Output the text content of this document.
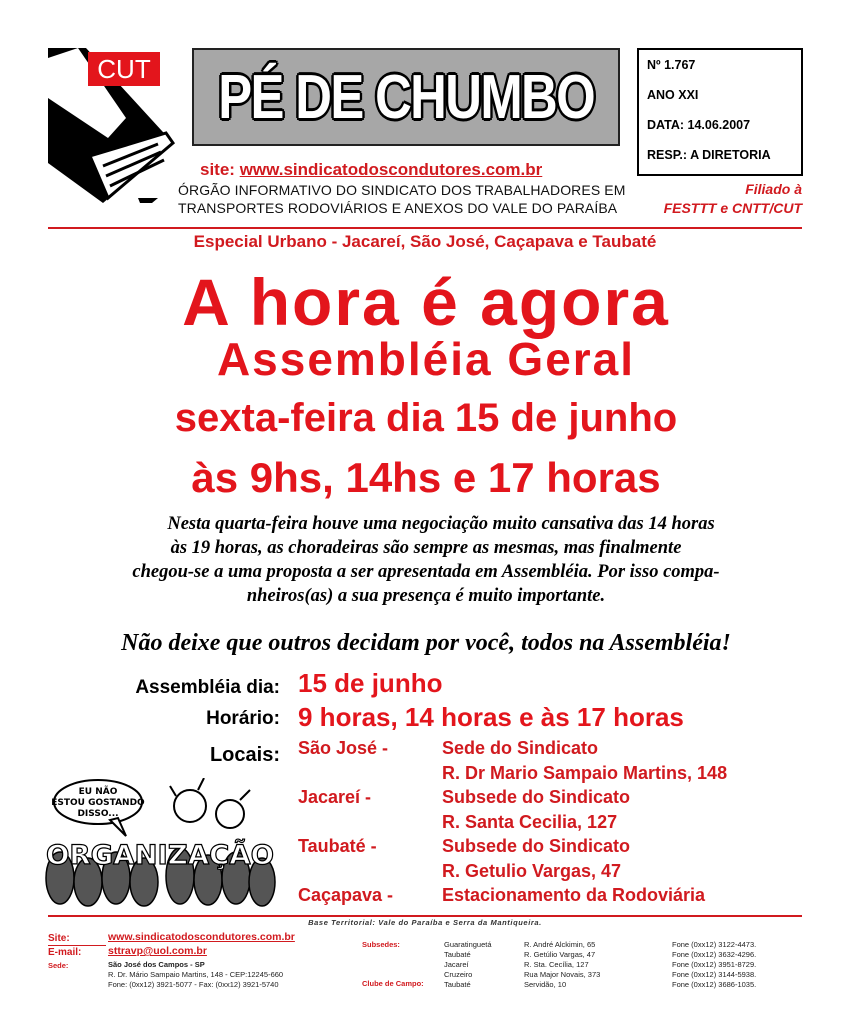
CUT PÉ DE CHUMBO	Nº 1.767
ANO XXI
DATA: 14.06.2007
RESP.: A DIRETORIA
site: www.sindicatodoscondutores.com.br
ÓRGÃO INFORMATIVO DO SINDICATO DOS TRABALHADORES EM
TRANSPORTES RODOVIÁRIOS E ANEXOS DO VALE DO PARAÍBA
Filiado à
FESTTT e CNTT/CUT
Especial Urbano - Jacareí, São José, Caçapava e Taubaté
A hora é agora
Assembléia Geral
sexta-feira dia 15 de junho
às 9hs, 14hs e 17 horas
Nesta quarta-feira houve uma negociação muito cansativa das 14 horas
às 19 horas, as choradeiras são sempre as mesmas, mas finalmente
chegou-se a uma proposta a ser apresentada em Assembléia. Por isso compa-
nheiros(as) a sua presença é muito importante.
Não deixe que outros decidam por você, todos na Assembléia!
Assembléia dia: 15 de junho
Horário: 9 horas, 14 horas e às 17 horas
Locais: São José -	Sede do Sindicato
R. Dr Mario Sampaio Martins, 148
Jacareí -	Subsede do Sindicato
R. Santa Cecilia, 127
Taubaté -	Subsede do Sindicato
R. Getulio Vargas, 47
Caçapava -	Estacionamento da Rodoviária
EU NÃO
ESTOU GOSTANDO
DISSO...
ORGANIZAÇÃO
Base Territorial: Vale do Paraíba e Serra da Mantiqueira.
Site:	www.sindicatodoscondutores.com.br
E-mail:	sttravp@uol.com.br
Sede:	São José dos Campos - SP
R. Dr. Mário Sampaio Martins, 148 - CEP:12245-660
Fone: (0xx12) 3921-5077 - Fax: (0xx12) 3921-5740
Subsedes:
Clube de Campo:
Guaratinguetá	R. André Alckimin, 65	Fone (0xx12) 3122-4473.
Taubaté	R. Getúlio Vargas, 47	Fone (0xx12) 3632-4296.
Jacareí	R. Sta. Cecília, 127	Fone (0xx12) 3951-8729.
Cruzeiro	Rua Major Novais, 373	Fone (0xx12) 3144-5938.
Taubaté	Servidão, 10	Fone (0xx12) 3686-1035.
